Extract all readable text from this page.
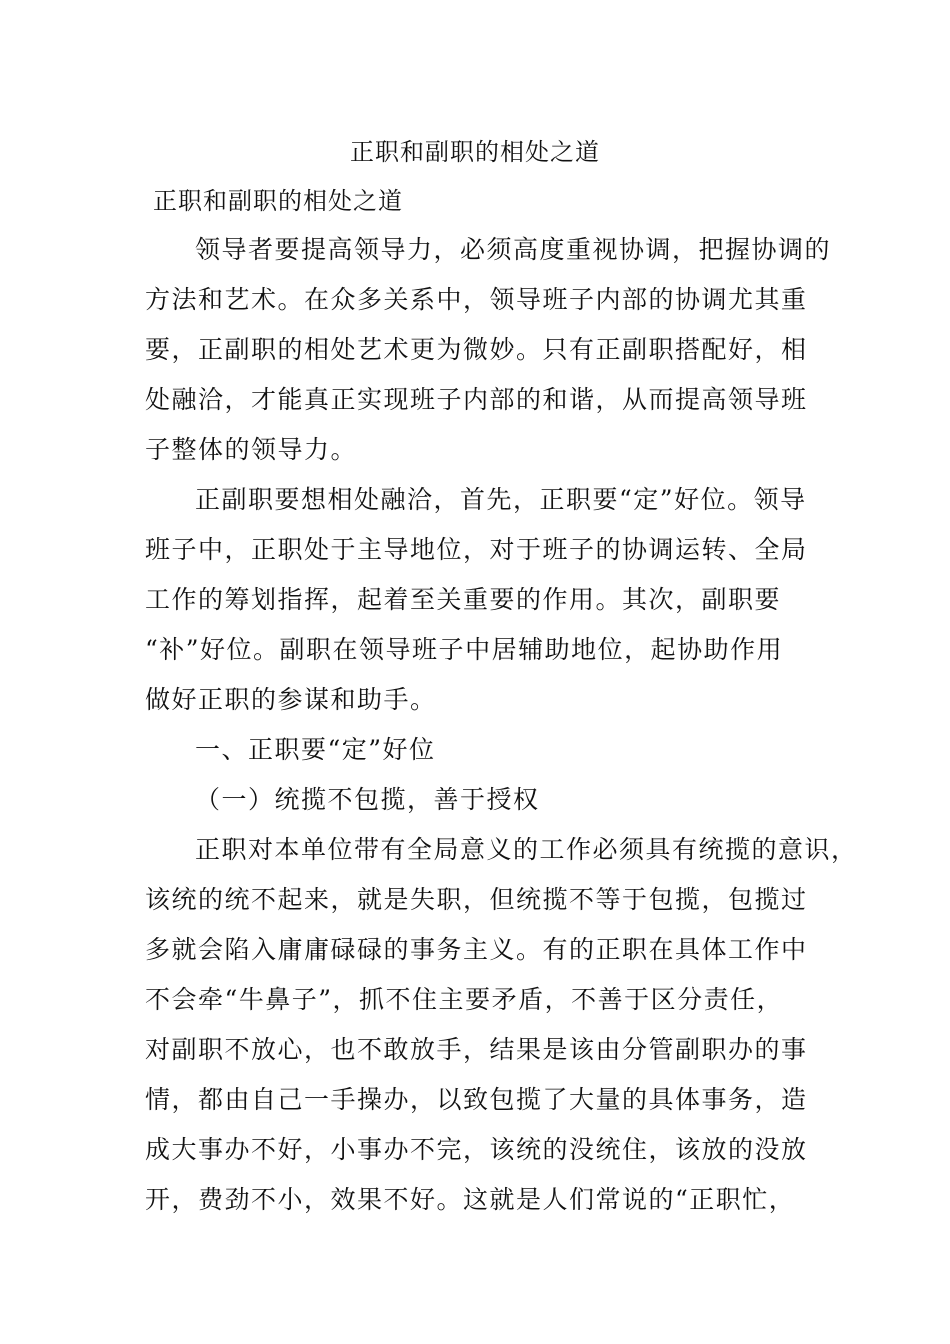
正职和副职的相处之道
正职和副职的相处之道
领导者要提高领导力，必须高度重视协调，把握协调的
方法和艺术。在众多关系中，领导班子内部的协调尤其重
要，正副职的相处艺术更为微妙。只有正副职搭配好，相
处融洽，才能真正实现班子内部的和谐，从而提高领导班
子整体的领导力。
正副职要想相处融洽，首先，正职要“定”好位。领导
班子中，正职处于主导地位，对于班子的协调运转、全局
工作的筹划指挥，起着至关重要的作用。其次，副职要
“补”好位。副职在领导班子中居辅助地位，起协助作用
做好正职的参谋和助手。
一、正职要“定”好位
（一）统揽不包揽，善于授权
正职对本单位带有全局意义的工作必须具有统揽的意识，
该统的统不起来，就是失职，但统揽不等于包揽，包揽过
多就会陷入庸庸碌碌的事务主义。有的正职在具体工作中
不会牵“牛鼻子”，抓不住主要矛盾，不善于区分责任，
对副职不放心，也不敢放手，结果是该由分管副职办的事
情，都由自己一手操办，以致包揽了大量的具体事务，造
成大事办不好，小事办不完，该统的没统住，该放的没放
开，费劲不小，效果不好。这就是人们常说的“正职忙，
